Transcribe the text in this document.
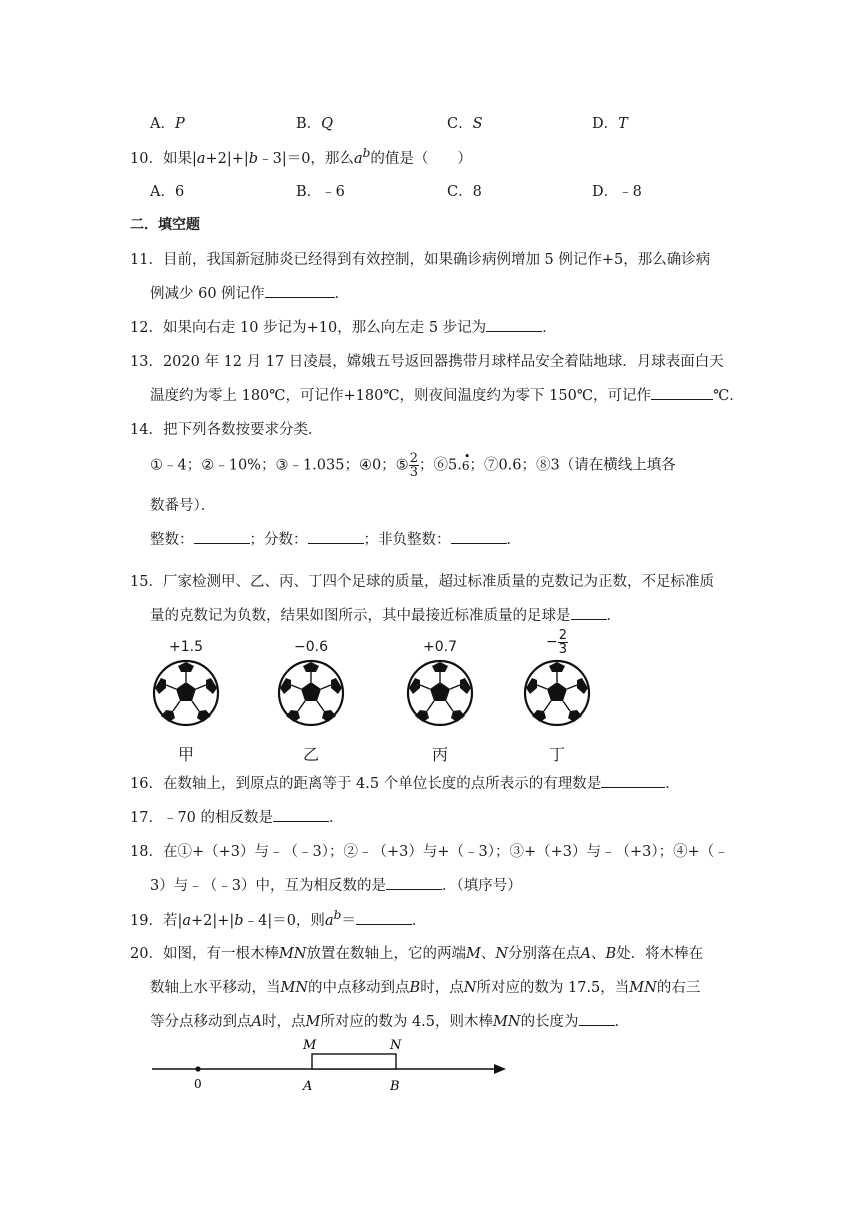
A．P	B．Q	C．S	D．T
10．如果|a+2|+|b﹣3|＝0，那么$a^b$的值是（　　）
A．6	B．﹣6	C．8	D．﹣8
二．填空题
11．目前，我国新冠肺炎已经得到有效控制，如果确诊病例增加 5 例记作+5，那么确诊病
例减少 60 例记作	．
12．如果向右走 10 步记为+10，那么向左走 5 步记为	．
13．2020 年 12 月 17 日凌晨，嫦娥五号返回器携带月球样品安全着陆地球．月球表面白天
温度约为零上 180℃，可记作+180℃，则夜间温度约为零下 150℃，可记作	℃．
14．把下列各数按要求分类．
①﹣4；②﹣10%；③﹣1.035；④0；⑤ $\frac{2}{3}$ ；⑥5.
•
6；⑦0.6；⑧3（请在横线上填各
数番号）．
整数：	；分数：	；非负整数：	．
15．厂家检测甲、乙、丙、丁四个足球的质量，超过标准质量的克数记为正数，不足标准质
量的克数记为负数，结果如图所示，其中最接近标准质量的足球是 ．
+1.5
甲
−0.6
乙
+0.7
丙
− $\frac{2}{3}$
丁
16．在数轴上，到原点的距离等于 4.5 个单位长度的点所表示的有理数是	．
17．﹣70 的相反数是	．
18．在①+（+3）与﹣（﹣3）；②﹣（+3）与+（﹣3）；③+（+3）与﹣（+3）；④+（﹣
3）与﹣（﹣3）中，互为相反数的是	．（填序号）
19．若|a+2|+|b﹣4|＝0，则$a^b=$	．
20．如图，有一根木棒MN放置在数轴上，它的两端M、N分别落在点A、B处．将木棒在
数轴上水平移动，当MN的中点移动到点B时，点N所对应的数为 17.5，当MN的右三
等分点移动到点A时，点M所对应的数为 4.5，则木棒MN的长度为 ．
0	A	B
M	N
